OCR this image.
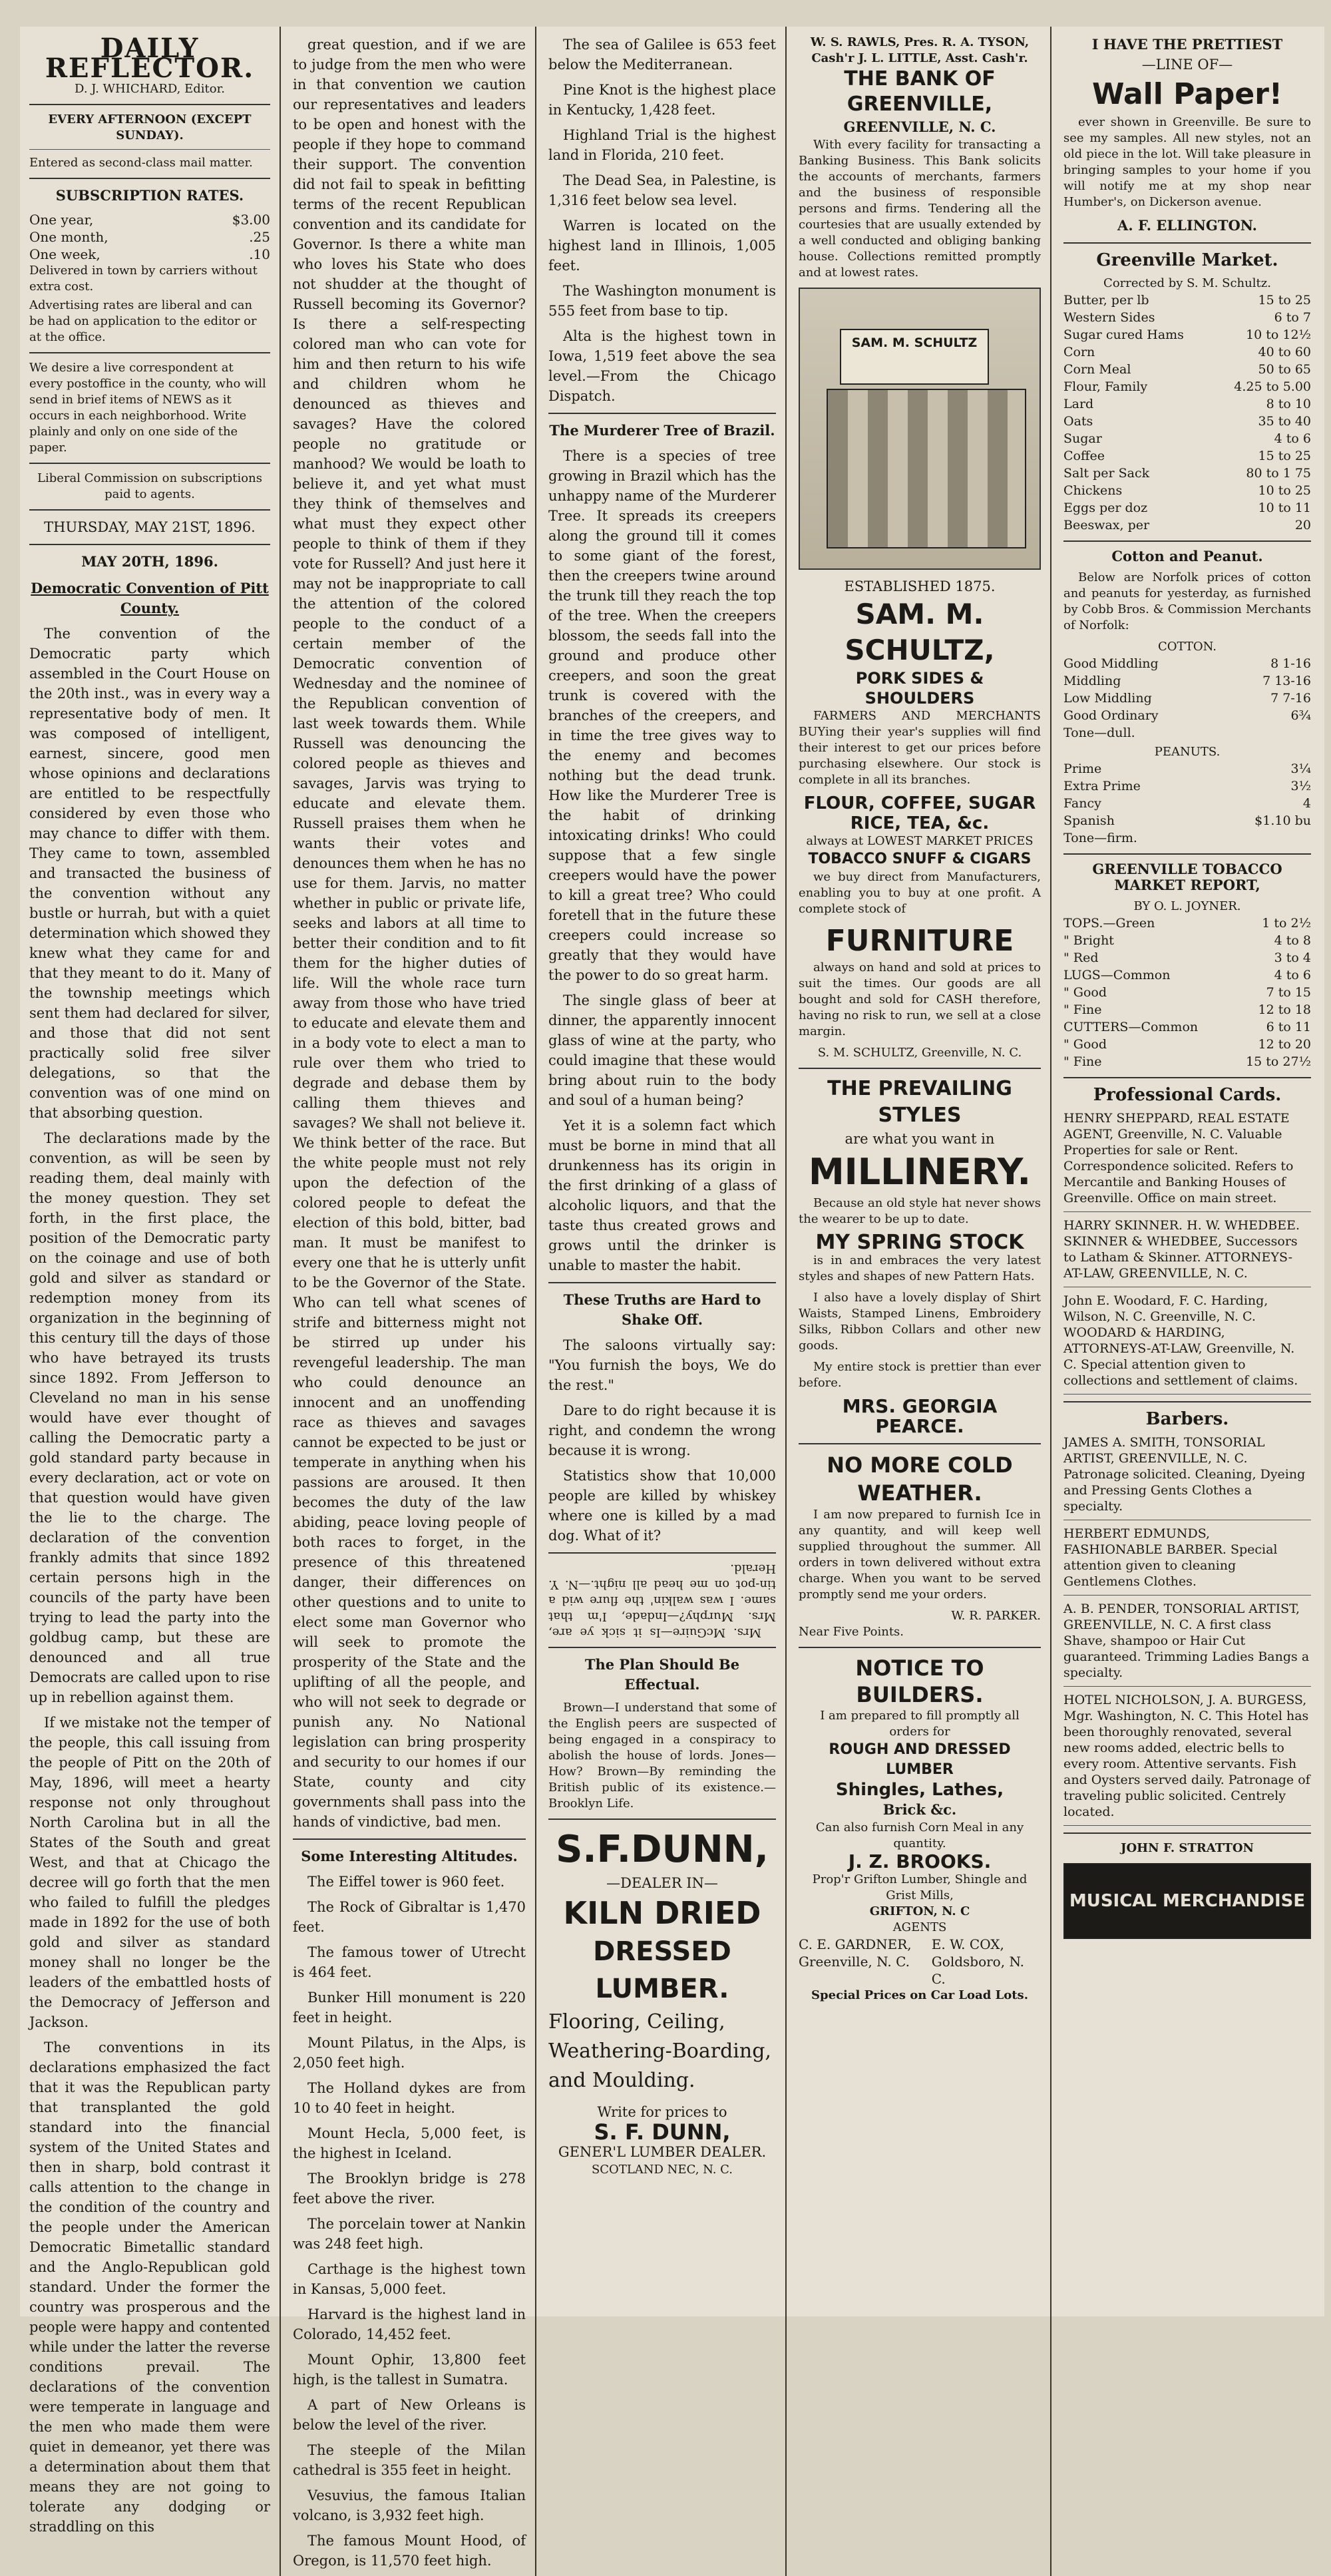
DAILY REFLECTOR.
D. J. WHICHARD, Editor.
EVERY AFTERNOON (EXCEPT SUNDAY).
Entered as second-class mail matter.
SUBSCRIPTION RATES.
One year,	$3.00
One month,	.25
One week,	.10
Delivered in town by carriers without extra cost.
Advertising rates are liberal and can be had on application to the editor or at the office.
We desire a live correspondent at every postoffice in the county, who will send in brief items of NEWS as it occurs in each neighborhood. Write plainly and only on one side of the paper.
Liberal Commission on subscriptions paid to agents.
THURSDAY, MAY 21ST, 1896.
MAY 20TH, 1896.
Democratic Convention of Pitt County.

The convention of the Democratic party which assembled in the Court House on the 20th inst., was in every way a representative body of men. It was composed of intelligent, earnest, sincere, good men whose opinions and declarations are entitled to be respectfully considered by even those who may chance to differ with them. They came to town, assembled and transacted the business of the convention without any bustle or hurrah, but with a quiet determination which showed they knew what they came for and that they meant to do it. Many of the township meetings which sent them had declared for silver, and those that did not sent practically solid free silver delegations, so that the convention was of one mind on that absorbing question.

The declarations made by the convention, as will be seen by reading them, deal mainly with the money question. They set forth, in the first place, the position of the Democratic party on the coinage and use of both gold and silver as standard or redemption money from its organization in the beginning of this century till the days of those who have betrayed its trusts since 1892. From Jefferson to Cleveland no man in his sense would have ever thought of calling the Democratic party a gold standard party because in every declaration, act or vote on that question would have given the lie to the charge. The declaration of the convention frankly admits that since 1892 certain persons high in the councils of the party have been trying to lead the party into the goldbug camp, but these are denounced and all true Democrats are called upon to rise up in rebellion against them.

If we mistake not the temper of the people, this call issuing from the people of Pitt on the 20th of May, 1896, will meet a hearty response not only throughout North Carolina but in all the States of the South and great West, and that at Chicago the decree will go forth that the men who failed to fulfill the pledges made in 1892 for the use of both gold and silver as standard money shall no longer be the leaders of the embattled hosts of the Democracy of Jefferson and Jackson.

The conventions in its declarations emphasized the fact that it was the Republican party that transplanted the gold standard into the financial system of the United States and then in sharp, bold contrast it calls attention to the change in the condition of the country and the people under the American Democratic Bimetallic standard and the Anglo-Republican gold standard. Under the former the country was prosperous and the people were happy and contented while under the latter the reverse conditions prevail. The declarations of the convention were temperate in language and the men who made them were quiet in demeanor, yet there was a determination about them that means they are not going to tolerate any dodging or straddling on this

great question, and if we are to judge from the men who were in that convention we caution our representatives and leaders to be open and honest with the people if they hope to command their support. The convention did not fail to speak in befitting terms of the recent Republican convention and its candidate for Governor. Is there a white man who loves his State who does not shudder at the thought of Russell becoming its Governor? Is there a self-respecting colored man who can vote for him and then return to his wife and children whom he denounced as thieves and savages? Have the colored people no gratitude or manhood? We would be loath to believe it, and yet what must they think of themselves and what must they expect other people to think of them if they vote for Russell? And just here it may not be inappropriate to call the attention of the colored people to the conduct of a certain member of the Democratic convention of Wednesday and the nominee of the Republican convention of last week towards them. While Russell was denouncing the colored people as thieves and savages, Jarvis was trying to educate and elevate them. Russell praises them when he wants their votes and denounces them when he has no use for them. Jarvis, no matter whether in public or private life, seeks and labors at all time to better their condition and to fit them for the higher duties of life. Will the whole race turn away from those who have tried to educate and elevate them and in a body vote to elect a man to rule over them who tried to degrade and debase them by calling them thieves and savages? We shall not believe it. We think better of the race. But the white people must not rely upon the defection of the colored people to defeat the election of this bold, bitter, bad man. It must be manifest to every one that he is utterly unfit to be the Governor of the State. Who can tell what scenes of strife and bitterness might not be stirred up under his revengeful leadership. The man who could denounce an innocent and an unoffending race as thieves and savages cannot be expected to be just or temperate in anything when his passions are aroused. It then becomes the duty of the law abiding, peace loving people of both races to forget, in the presence of this threatened danger, their differences on other questions and to unite to elect some man Governor who will seek to promote the prosperity of the State and the uplifting of all the people, and who will not seek to degrade or punish any. No National legislation can bring prosperity and security to our homes if our State, county and city governments shall pass into the hands of vindictive, bad men.

Some Interesting Altitudes.

The Eiffel tower is 960 feet.

The Rock of Gibraltar is 1,470 feet.

The famous tower of Utrecht is 464 feet.

Bunker Hill monument is 220 feet in height.

Mount Pilatus, in the Alps, is 2,050 feet high.

The Holland dykes are from 10 to 40 feet in height.

Mount Hecla, 5,000 feet, is the highest in Iceland.

The Brooklyn bridge is 278 feet above the river.

The porcelain tower at Nankin was 248 feet high.

Carthage is the highest town in Kansas, 5,000 feet.

Harvard is the highest land in Colorado, 14,452 feet.

Mount Ophir, 13,800 feet high, is the tallest in Sumatra.

A part of New Orleans is below the level of the river.

The steeple of the Milan cathedral is 355 feet in height.

Vesuvius, the famous Italian volcano, is 3,932 feet high.

The famous Mount Hood, of Oregon, is 11,570 feet high.

The sea of Galilee is 653 feet below the Mediterranean.

Pine Knot is the highest place in Kentucky, 1,428 feet.

Highland Trial is the highest land in Florida, 210 feet.

The Dead Sea, in Palestine, is 1,316 feet below sea level.

Warren is located on the highest land in Illinois, 1,005 feet.

The Washington monument is 555 feet from base to tip.

Alta is the highest town in Iowa, 1,519 feet above the sea level.—From the Chicago Dispatch.

The Murderer Tree of Brazil.

There is a species of tree growing in Brazil which has the unhappy name of the Murderer Tree. It spreads its creepers along the ground till it comes to some giant of the forest, then the creepers twine around the trunk till they reach the top of the tree. When the creepers blossom, the seeds fall into the ground and produce other creepers, and soon the great trunk is covered with the branches of the creepers, and in time the tree gives way to the enemy and becomes nothing but the dead trunk. How like the Murderer Tree is the habit of drinking intoxicating drinks! Who could suppose that a few single creepers would have the power to kill a great tree? Who could foretell that in the future these creepers could increase so greatly that they would have the power to do so great harm.

The single glass of beer at dinner, the apparently innocent glass of wine at the party, who could imagine that these would bring about ruin to the body and soul of a human being?

Yet it is a solemn fact which must be borne in mind that all drunkenness has its origin in the first drinking of a glass of alcoholic liquors, and that the taste thus created grows and grows until the drinker is unable to master the habit.

These Truths are Hard to Shake Off.

The saloons virtually say: "You furnish the boys, We do the rest."

Dare to do right because it is right, and condemn the wrong because it is wrong.

Statistics show that 10,000 people are killed by whiskey where one is killed by a mad dog. What of it?

Mrs. McGuire—Is it sick ye are, Mrs. Murphy?—Indade, I'm that same. I was walkin' the flure wid a tin-pot on me head all night.—N. Y. Herald.

The Plan Should Be Effectual.

Brown—I understand that some of the English peers are suspected of being engaged in a conspiracy to abolish the house of lords. Jones—How? Brown—By reminding the British public of its existence.—Brooklyn Life.

S.F.DUNN,
—DEALER IN—
KILN DRIED
DRESSED LUMBER.
Flooring, Ceiling, Weathering-Boarding, and Moulding.
Write for prices to
S. F. DUNN,
GENER'L LUMBER DEALER.
SCOTLAND NEC, N. C.
W. S. RAWLS, Pres. R. A. TYSON, Cash'r J. L. LITTLE, Asst. Cash'r.
THE BANK OF GREENVILLE,
GREENVILLE, N. C.

With every facility for transacting a Banking Business. This Bank solicits the accounts of merchants, farmers and the business of responsible persons and firms. Tendering all the courtesies that are usually extended by a well conducted and obliging banking house. Collections remitted promptly and at lowest rates.

SAM. M. SCHULTZ
ESTABLISHED 1875.
SAM. M. SCHULTZ,
PORK SIDES & SHOULDERS

FARMERS AND MERCHANTS BUYing their year's supplies will find their interest to get our prices before purchasing elsewhere. Our stock is complete in all its branches.

FLOUR, COFFEE, SUGAR
RICE, TEA, &c.
always at LOWEST MARKET PRICES
TOBACCO SNUFF & CIGARS

we buy direct from Manufacturers, enabling you to buy at one profit. A complete stock of

FURNITURE

always on hand and sold at prices to suit the times. Our goods are all bought and sold for CASH therefore, having no risk to run, we sell at a close margin.

S. M. SCHULTZ, Greenville, N. C.
THE PREVAILING STYLES
are what you want in
MILLINERY.

Because an old style hat never shows the wearer to be up to date.

MY SPRING STOCK

is in and embraces the very latest styles and shapes of new Pattern Hats.

I also have a lovely display of Shirt Waists, Stamped Linens, Embroidery Silks, Ribbon Collars and other new goods.

My entire stock is prettier than ever before.

MRS. GEORGIA PEARCE.
NO MORE COLD WEATHER.

I am now prepared to furnish Ice in any quantity, and will keep well supplied throughout the summer. All orders in town delivered without extra charge. When you want to be served promptly send me your orders.

W. R. PARKER.
Near Five Points.
NOTICE TO BUILDERS.
I am prepared to fill promptly all orders for
ROUGH AND DRESSED LUMBER
Shingles, Lathes,
Brick &c.
Can also furnish Corn Meal in any quantity.
J. Z. BROOKS.
Prop'r Grifton Lumber, Shingle and Grist Mills,
GRIFTON, N. C
AGENTS
C. E. GARDNER, Greenville, N. C.
E. W. COX, Goldsboro, N. C.
Special Prices on Car Load Lots.
I HAVE THE PRETTIEST
—LINE OF—
Wall Paper!

ever shown in Greenville. Be sure to see my samples. All new styles, not an old piece in the lot. Will take pleasure in bringing samples to your home if you will notify me at my shop near Humber's, on Dickerson avenue.

A. F. ELLINGTON.
Greenville Market.
Corrected by S. M. Schultz.
Butter, per lb	15 to 25
Western Sides	6 to 7
Sugar cured Hams	10 to 12½
Corn	40 to 60
Corn Meal	50 to 65
Flour, Family	4.25 to 5.00
Lard	8 to 10
Oats	35 to 40
Sugar	4 to 6
Coffee	15 to 25
Salt per Sack	80 to 1 75
Chickens	10 to 25
Eggs per doz	10 to 11
Beeswax, per	20
Cotton and Peanut.

Below are Norfolk prices of cotton and peanuts for yesterday, as furnished by Cobb Bros. & Commission Merchants of Norfolk:

COTTON.
Good Middling	8 1-16
Middling	7 13-16
Low Middling	7 7-16
Good Ordinary	6¾
Tone—dull.
PEANUTS.
Prime	3¼
Extra Prime	3½
Fancy	4
Spanish	$1.10 bu
Tone—firm.
GREENVILLE TOBACCO MARKET REPORT,
BY O. L. JOYNER.
TOPS.—Green	1 to 2½
" Bright	4 to 8
" Red	3 to 4
LUGS—Common	4 to 6
" Good	7 to 15
" Fine	12 to 18
CUTTERS—Common	6 to 11
" Good	12 to 20
" Fine	15 to 27½
Professional Cards.
HENRY SHEPPARD, REAL ESTATE AGENT, Greenville, N. C. Valuable Properties for sale or Rent. Correspondence solicited. Refers to Mercantile and Banking Houses of Greenville. Office on main street.
HARRY SKINNER. H. W. WHEDBEE. SKINNER & WHEDBEE, Successors to Latham & Skinner. ATTORNEYS-AT-LAW, GREENVILLE, N. C.
John E. Woodard, F. C. Harding, Wilson, N. C. Greenville, N. C. WOODARD & HARDING, ATTORNEYS-AT-LAW, Greenville, N. C. Special attention given to collections and settlement of claims.
Barbers.
JAMES A. SMITH, TONSORIAL ARTIST, GREENVILLE, N. C. Patronage solicited. Cleaning, Dyeing and Pressing Gents Clothes a specialty.
HERBERT EDMUNDS, FASHIONABLE BARBER. Special attention given to cleaning Gentlemens Clothes.
A. B. PENDER, TONSORIAL ARTIST, GREENVILLE, N. C. A first class Shave, shampoo or Hair Cut guaranteed. Trimming Ladies Bangs a specialty.
HOTEL NICHOLSON, J. A. BURGESS, Mgr. Washington, N. C. This Hotel has been thoroughly renovated, several new rooms added, electric bells to every room. Attentive servants. Fish and Oysters served daily. Patronage of traveling public solicited. Centrely located.
JOHN F. STRATTON
MUSICAL MERCHANDISE
